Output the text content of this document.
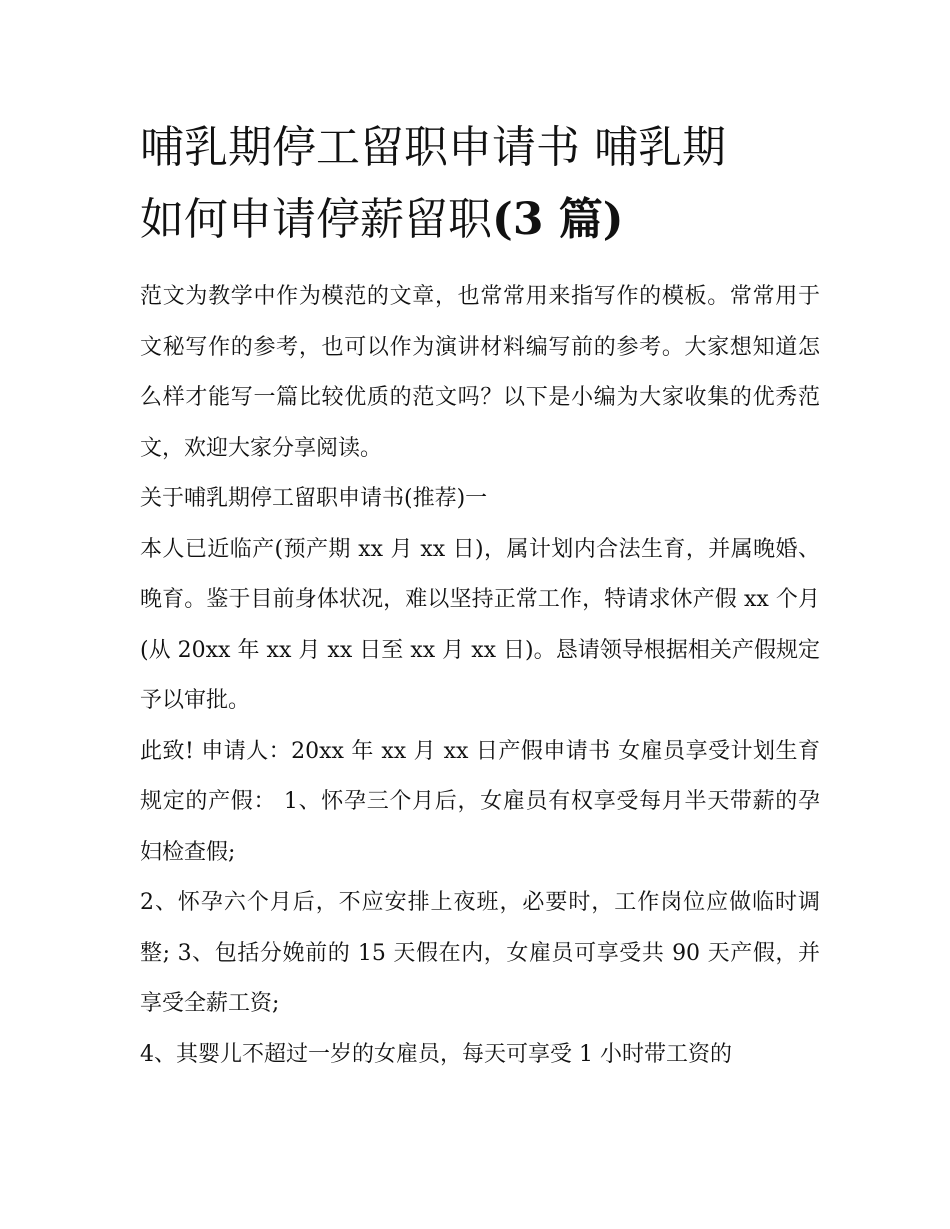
哺乳期停工留职申请书 哺乳期
如何申请停薪留职(3 篇)

范文为教学中作为模范的文章，也常常用来指写作的模板。常常用于文秘写作的参考，也可以作为演讲材料编写前的参考。大家想知道怎么样才能写一篇比较优质的范文吗？以下是小编为大家收集的优秀范文，欢迎大家分享阅读。

关于哺乳期停工留职申请书(推荐)一

本人已近临产(预产期 xx 月 xx 日)，属计划内合法生育，并属晚婚、晚育。鉴于目前身体状况，难以坚持正常工作，特请求休产假 xx 个月(从 20xx 年 xx 月 xx 日至 xx 月 xx 日)。恳请领导根据相关产假规定予以审批。

此致! 申请人：20xx 年 xx 月 xx 日产假申请书 女雇员享受计划生育规定的产假： 1、怀孕三个月后，女雇员有权享受每月半天带薪的孕妇检查假;

2、怀孕六个月后，不应安排上夜班，必要时，工作岗位应做临时调整; 3、包括分娩前的 15 天假在内，女雇员可享受共 90 天产假，并享受全薪工资;

4、其婴儿不超过一岁的女雇员，每天可享受 1 小时带工资的
